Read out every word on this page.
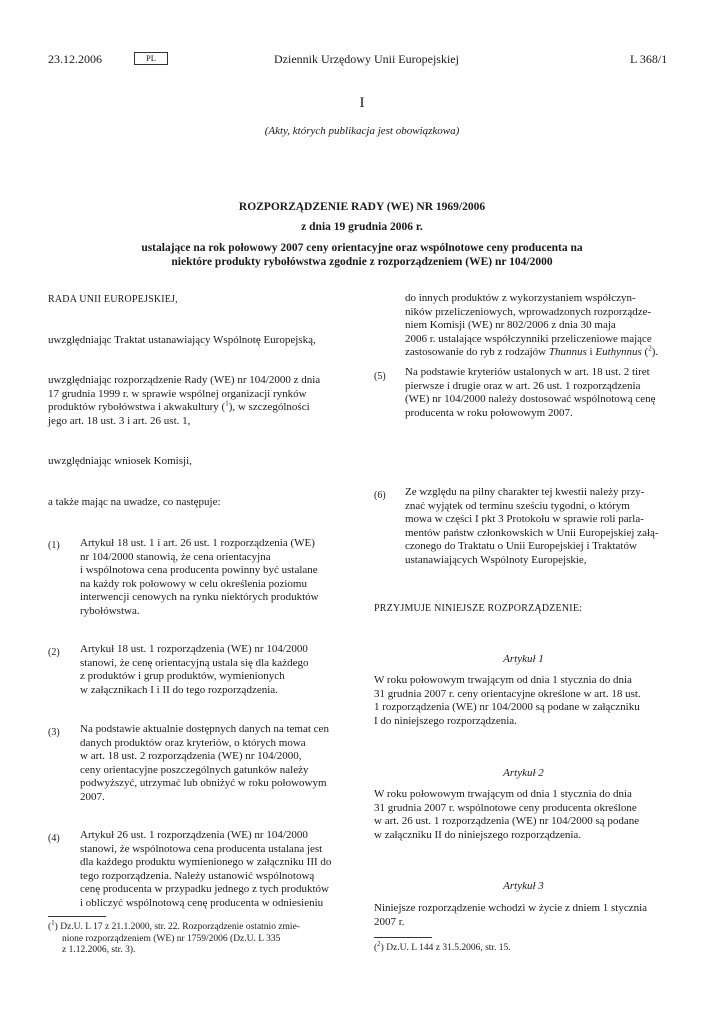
23.12.2006	PL	Dziennik Urzędowy Unii Europejskiej	L 368/1
I
(Akty, których publikacja jest obowiązkowa)
ROZPORZĄDZENIE RADY (WE) NR 1969/2006
z dnia 19 grudnia 2006 r.
ustalające na rok połowowy 2007 ceny orientacyjne oraz wspólnotowe ceny producenta na
niektóre produkty rybołówstwa zgodnie z rozporządzeniem (WE) nr 104/2000
RADA UNII EUROPEJSKIEJ,
uwzględniając Traktat ustanawiający Wspólnotę Europejską,
uwzględniając rozporządzenie Rady (WE) nr 104/2000 z dnia
17 grudnia 1999 r. w sprawie wspólnej organizacji rynków
produktów rybołówstwa i akwakultury ($^1$), w szczególności
jego art. 18 ust. 3 i art. 26 ust. 1,
uwzględniając wniosek Komisji,
a także mając na uwadze, co następuje:
(1) Artykuł 18 ust. 1 i art. 26 ust. 1 rozporządzenia (WE)
nr 104/2000 stanowią, że cena orientacyjna
i wspólnotowa cena producenta powinny być ustalane
na każdy rok połowowy w celu określenia poziomu
interwencji cenowych na rynku niektórych produktów
rybołówstwa.
(2) Artykuł 18 ust. 1 rozporządzenia (WE) nr 104/2000
stanowi, że cenę orientacyjną ustala się dla każdego
z produktów i grup produktów, wymienionych
w załącznikach I i II do tego rozporządzenia.
(3) Na podstawie aktualnie dostępnych danych na temat cen
danych produktów oraz kryteriów, o których mowa
w art. 18 ust. 2 rozporządzenia (WE) nr 104/2000,
ceny orientacyjne poszczególnych gatunków należy
podwyższyć, utrzymać lub obniżyć w roku połowowym
2007.
(4) Artykuł 26 ust. 1 rozporządzenia (WE) nr 104/2000
stanowi, że wspólnotowa cena producenta ustalana jest
dla każdego produktu wymienionego w załączniku III do
tego rozporządzenia. Należy ustanowić wspólnotową
cenę producenta w przypadku jednego z tych produktów
i obliczyć wspólnotową cenę producenta w odniesieniu
($^1$) Dz.U. L 17 z 21.1.2000, str. 22. Rozporządzenie ostatnio zmie-
nione rozporządzeniem (WE) nr 1759/2006 (Dz.U. L 335
z 1.12.2006, str. 3).
do innych produktów z wykorzystaniem współczyn-
ników przeliczeniowych, wprowadzonych rozporządze-
niem Komisji (WE) nr 802/2006 z dnia 30 maja
2006 r. ustalające współczynniki przeliczeniowe mające
zastosowanie do ryb z rodzajów Thunnus i Euthynnus ($^2$).
(5) Na podstawie kryteriów ustalonych w art. 18 ust. 2 tiret
pierwsze i drugie oraz w art. 26 ust. 1 rozporządzenia
(WE) nr 104/2000 należy dostosować wspólnotową cenę
producenta w roku połowowym 2007.
(6) Ze względu na pilny charakter tej kwestii należy przy-
znać wyjątek od terminu sześciu tygodni, o którym
mowa w części I pkt 3 Protokołu w sprawie roli parla-
mentów państw członkowskich w Unii Europejskiej załą-
czonego do Traktatu o Unii Europejskiej i Traktatów
ustanawiających Wspólnoty Europejskie,
PRZYJMUJE NINIEJSZE ROZPORZĄDZENIE:
Artykuł 1
W roku połowowym trwającym od dnia 1 stycznia do dnia
31 grudnia 2007 r. ceny orientacyjne określone w art. 18 ust.
1 rozporządzenia (WE) nr 104/2000 są podane w załączniku
I do niniejszego rozporządzenia.
Artykuł 2
W roku połowowym trwającym od dnia 1 stycznia do dnia
31 grudnia 2007 r. wspólnotowe ceny producenta określone
w art. 26 ust. 1 rozporządzenia (WE) nr 104/2000 są podane
w załączniku II do niniejszego rozporządzenia.
Artykuł 3
Niniejsze rozporządzenie wchodzi w życie z dniem 1 stycznia
2007 r.
($^2$) Dz.U. L 144 z 31.5.2006, str. 15.
